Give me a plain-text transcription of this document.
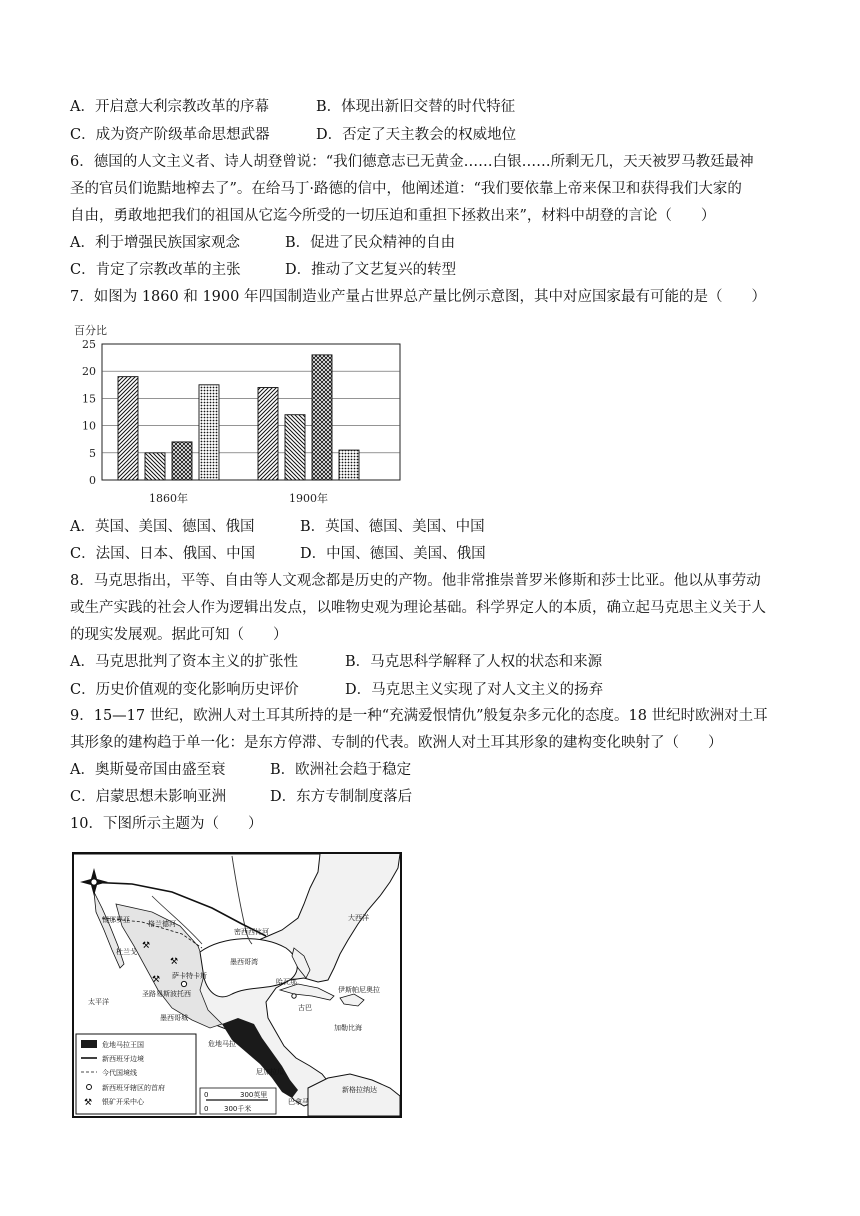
A．开启意大利宗教改革的序幕	B．体现出新旧交替的时代特征
C．成为资产阶级革命思想武器	D．否定了天主教会的权威地位
6．德国的人文主义者、诗人胡登曾说：“我们德意志已无黄金……白银……所剩无几，天天被罗马教廷最神
圣的官员们诡黠地榨去了”。在给马丁·路德的信中，他阐述道：“我们要依靠上帝来保卫和获得我们大家的
自由，勇敢地把我们的祖国从它迄今所受的一切压迫和重担下拯救出来”，材料中胡登的言论（　　）
A．利于增强民族国家观念	B．促进了民众精神的自由
C．肯定了宗教改革的主张	D．推动了文艺复兴的转型
7．如图为 1860 和 1900 年四国制造业产量占世界总产量比例示意图，其中对应国家最有可能的是（　　）
百分比
0
5
10
15
20
25
1860年	1900年
A．英国、美国、德国、俄国	B．英国、德国、美国、中国
C．法国、日本、俄国、中国	D．中国、德国、美国、俄国
8．马克思指出，平等、自由等人文观念都是历史的产物。他非常推崇普罗米修斯和莎士比亚。他以从事劳动
或生产实践的社会人作为逻辑出发点，以唯物史观为理论基础。科学界定人的本质，确立起马克思主义关于人
的现实发展观。据此可知（　　）
A．马克思批判了资本主义的扩张性	B．马克思科学解释了人权的状态和来源
C．历史价值观的变化影响历史评价	D．马克思主义实现了对人文主义的扬弃
9．15—17 世纪，欧洲人对土耳其所持的是一种“充满爱恨情仇”般复杂多元化的态度。18 世纪时欧洲对土耳
其形象的建构趋于单一化：是东方停滞、专制的代表。欧洲人对土耳其形象的建构变化映射了（　　）
A．奥斯曼帝国由盛至衰	B．欧洲社会趋于稳定
C．启蒙思想未影响亚洲	D．东方专制制度落后
10．下图所示主题为（　　）
⚒
⚒
⚒
格兰德河
密西西比河
大西洋
杜兰戈
萨卡特卡斯
圣路易斯波托西
太平洋
墨西哥城
墨西哥湾
哈瓦那
古巴
伊斯帕尼奥拉
加勒比海
危地马拉
尼加拉瓜
巴拿马
新格拉纳达
锡那罗亚
危地马拉王国
新西班牙边境
今代国境线
新西班牙辖区的首府
⚒ 银矿开采中心
0	300英里
0 300千米
